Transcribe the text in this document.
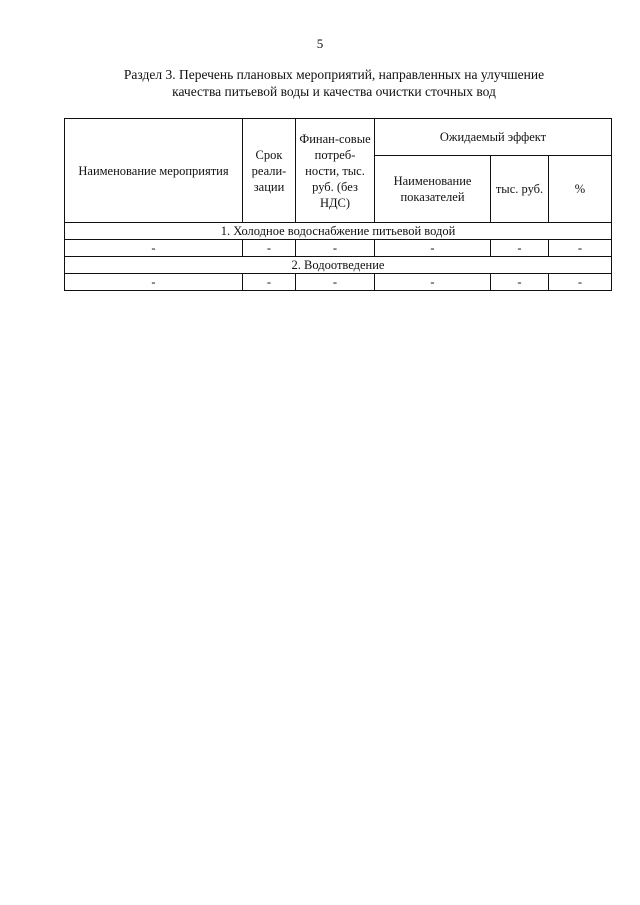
5
Раздел 3. Перечень плановых мероприятий, направленных на улучшение
качества питьевой воды и качества очистки сточных вод
Наименование мероприятия	Срок реали-зации	Финан-совые потреб-ности, тыс. руб. (без НДС)	Ожидаемый эффект		
			Наименование показателей	тыс. руб.	%
1. Холодное водоснабжение питьевой водой					
-	-	-	-	-	-
2. Водоотведение					
-	-	-	-	-	-
